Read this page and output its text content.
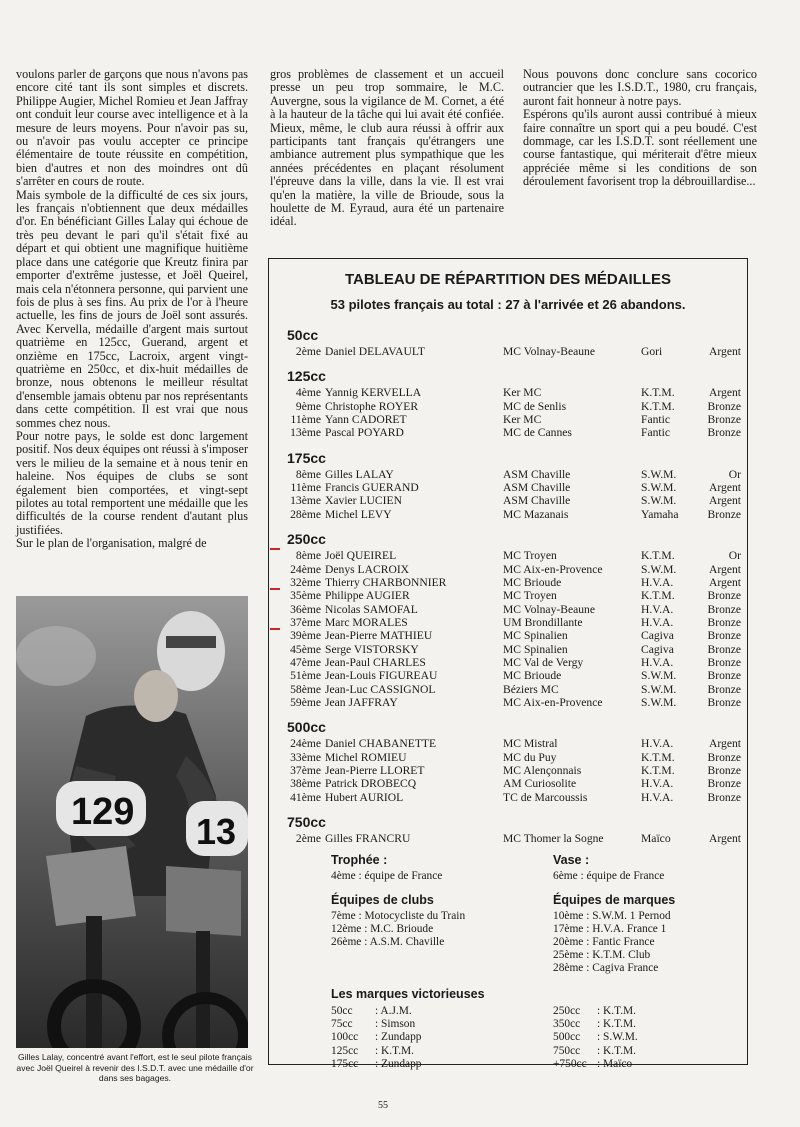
voulons parler de garçons que nous n'avons pas encore cité tant ils sont simples et discrets. Philippe Augier, Michel Romieu et Jean Jaffray ont conduit leur course avec intelligence et à la mesure de leurs moyens. Pour n'avoir pas su, ou n'avoir pas voulu accepter ce principe élémentaire de toute réussite en compétition, bien d'autres et non des moindres ont dû s'arrêter en cours de route.

Mais symbole de la difficulté de ces six jours, les français n'obtiennent que deux médailles d'or. En bénéficiant Gilles Lalay qui échoue de très peu devant le pari qu'il s'était fixé au départ et qui obtient une magnifique huitième place dans une catégorie que Kreutz finira par emporter d'extrême justesse, et Joël Queirel, mais cela n'étonnera personne, qui parvient une fois de plus à ses fins. Au prix de l'or à l'heure actuelle, les fins de jours de Joël sont assurés. Avec Kervella, médaille d'argent mais surtout quatrième en 125cc, Guerand, argent et onzième en 175cc, Lacroix, argent vingt-quatrième en 250cc, et dix-huit médailles de bronze, nous obtenons le meilleur résultat d'ensemble jamais obtenu par nos représentants dans cette compétition. Il est vrai que nous sommes chez nous.

Pour notre pays, le solde est donc largement positif. Nos deux équipes ont réussi à s'imposer vers le milieu de la semaine et à nous tenir en haleine. Nos équipes de clubs se sont également bien comportées, et vingt-sept pilotes au total remportent une médaille que les difficultés de la course rendent d'autant plus justifiées.

Sur le plan de l'organisation, malgré de

129 13
Gilles Lalay, concentré avant l'effort, est le seul pilote français avec Joël Queirel à revenir des I.S.D.T. avec une médaille d'or dans ses bagages.

gros problèmes de classement et un accueil presse un peu trop sommaire, le M.C. Auvergne, sous la vigilance de M. Cornet, a été à la hauteur de la tâche qui lui avait été confiée. Mieux, même, le club aura réussi à offrir aux participants tant français qu'étrangers une ambiance autrement plus sympathique que les années précédentes en plaçant résolument l'épreuve dans la ville, dans la vie. Il est vrai qu'en la matière, la ville de Brioude, sous la houlette de M. Eyraud, aura été un partenaire idéal.

Nous pouvons donc conclure sans cocorico outrancier que les I.S.D.T., 1980, cru français, auront fait honneur à notre pays.

Espérons qu'ils auront aussi contribué à mieux faire connaître un sport qui a peu boudé. C'est dommage, car les I.S.D.T. sont réellement une course fantastique, qui mériterait d'être mieux appréciée même si les conditions de son déroulement favorisent trop la débrouillardise...

TABLEAU DE RÉPARTITION DES MÉDAILLES
53 pilotes français au total : 27 à l'arrivée et 26 abandons.
50cc
2ème Daniel DELAVAULT	MC Volnay-Beaune	Gori	Argent
125cc
4ème Yannig KERVELLA	Ker MC	K.T.M.	Argent
9ème Christophe ROYER	MC de Senlis	K.T.M.	Bronze
11ème Yann CADORET	Ker MC	Fantic	Bronze
13ème Pascal POYARD	MC de Cannes	Fantic	Bronze
175cc
8ème Gilles LALAY	ASM Chaville	S.W.M.	Or
11ème Francis GUERAND	ASM Chaville	S.W.M.	Argent
13ème Xavier LUCIEN	ASM Chaville	S.W.M.	Argent
28ème Michel LEVY	MC Mazanais	Yamaha	Bronze
250cc
8ème Joël QUEIREL	MC Troyen	K.T.M.	Or
24ème Denys LACROIX	MC Aix-en-Provence	S.W.M.	Argent
32ème Thierry CHARBONNIER	MC Brioude	H.V.A.	Argent
35ème Philippe AUGIER	MC Troyen	K.T.M.	Bronze
36ème Nicolas SAMOFAL	MC Volnay-Beaune	H.V.A.	Bronze
37ème Marc MORALES	UM Brondillante	H.V.A.	Bronze
39ème Jean-Pierre MATHIEU	MC Spinalien	Cagiva	Bronze
45ème Serge VISTORSKY	MC Spinalien	Cagiva	Bronze
47ème Jean-Paul CHARLES	MC Val de Vergy	H.V.A.	Bronze
51ème Jean-Louis FIGUREAU	MC Brioude	S.W.M.	Bronze
58ème Jean-Luc CASSIGNOL	Béziers MC	S.W.M.	Bronze
59ème Jean JAFFRAY	MC Aix-en-Provence	S.W.M.	Bronze
500cc
24ème Daniel CHABANETTE	MC Mistral	H.V.A.	Argent
33ème Michel ROMIEU	MC du Puy	K.T.M.	Bronze
37ème Jean-Pierre LLORET	MC Alençonnais	K.T.M.	Bronze
38ème Patrick DROBECQ	AM Curiosolite	H.V.A.	Bronze
41ème Hubert AURIOL	TC de Marcoussis	H.V.A.	Bronze
750cc
2ème Gilles FRANCRU	MC Thomer la Sogne	Maïco	Argent
Trophée :
4ème : équipe de France
Vase :
6ème : équipe de France
Équipes de clubs
7ème : Motocycliste du Train
12ème : M.C. Brioude
26ème : A.S.M. Chaville
Équipes de marques
10ème : S.W.M. 1 Pernod
17ème : H.V.A. France 1
20ème : Fantic France
25ème : K.T.M. Club
28ème : Cagiva France
Les marques victorieuses
50cc : A.J.M.
75cc : Simson
100cc : Zundapp
125cc : K.T.M.
175cc : Zundapp
250cc : K.T.M.
350cc : K.T.M.
500cc : S.W.M.
750cc : K.T.M.
+750cc : Maïco
55
